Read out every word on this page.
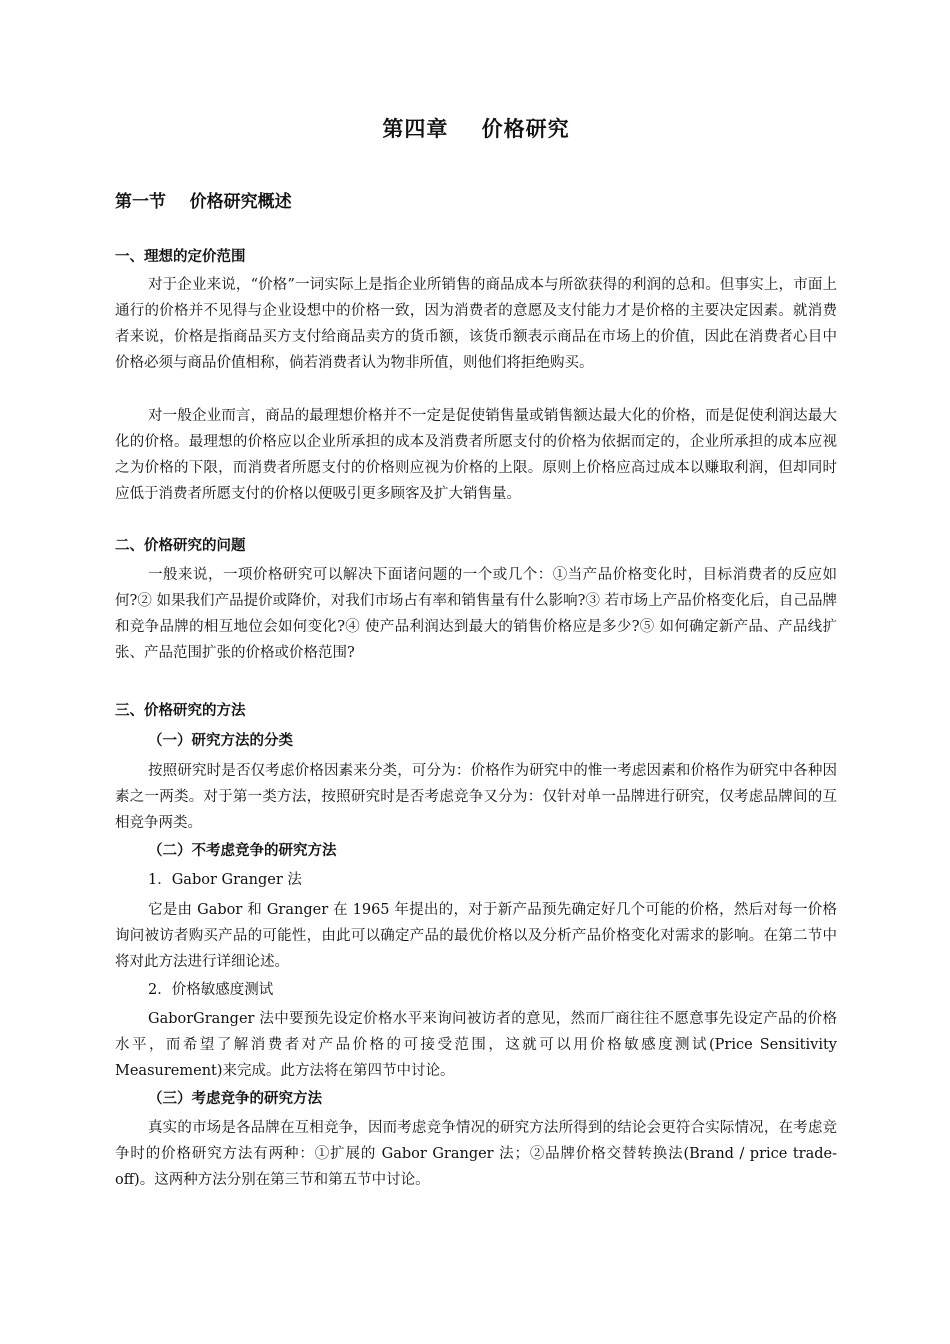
第四章    价格研究
第一节    价格研究概述
一、理想的定价范围
对于企业来说，“价格”一词实际上是指企业所销售的商品成本与所欲获得的利润的总和。但事实上，市面上通行的价格并不见得与企业设想中的价格一致，因为消费者的意愿及支付能力才是价格的主要决定因素。就消费者来说，价格是指商品买方支付给商品卖方的货币额，该货币额表示商品在市场上的价值，因此在消费者心目中价格必须与商品价值相称，倘若消费者认为物非所值，则他们将拒绝购买。
对一般企业而言，商品的最理想价格并不一定是促使销售量或销售额达最大化的价格，而是促使利润达最大化的价格。最理想的价格应以企业所承担的成本及消费者所愿支付的价格为依据而定的，企业所承担的成本应视之为价格的下限，而消费者所愿支付的价格则应视为价格的上限。原则上价格应高过成本以赚取利润，但却同时应低于消费者所愿支付的价格以便吸引更多顾客及扩大销售量。
二、价格研究的问题
一般来说，一项价格研究可以解决下面诸问题的一个或几个：①当产品价格变化时，目标消费者的反应如何?② 如果我们产品提价或降价，对我们市场占有率和销售量有什么影响?③ 若市场上产品价格变化后，自己品牌和竞争品牌的相互地位会如何变化?④ 使产品利润达到最大的销售价格应是多少?⑤ 如何确定新产品、产品线扩张、产品范围扩张的价格或价格范围?
三、价格研究的方法
（一）研究方法的分类
按照研究时是否仅考虑价格因素来分类，可分为：价格作为研究中的惟一考虑因素和价格作为研究中各种因素之一两类。对于第一类方法，按照研究时是否考虑竞争又分为：仅针对单一品牌进行研究，仅考虑品牌间的互相竞争两类。
（二）不考虑竞争的研究方法
1．Gabor Granger 法
它是由 Gabor 和 Granger 在 1965 年提出的，对于新产品预先确定好几个可能的价格，然后对每一价格询问被访者购买产品的可能性，由此可以确定产品的最优价格以及分析产品价格变化对需求的影响。在第二节中将对此方法进行详细论述。
2．价格敏感度测试
GaborGranger 法中要预先设定价格水平来询问被访者的意见，然而厂商往往不愿意事先设定产品的价格水平，而希望了解消费者对产品价格的可接受范围，这就可以用价格敏感度测试(Price Sensitivity Measurement)来完成。此方法将在第四节中讨论。
（三）考虑竞争的研究方法
真实的市场是各品牌在互相竞争，因而考虑竞争情况的研究方法所得到的结论会更符合实际情况，在考虑竞争时的价格研究方法有两种：①扩展的 Gabor Granger 法；②品牌价格交替转换法(Brand / price trade-off)。这两种方法分别在第三节和第五节中讨论。
